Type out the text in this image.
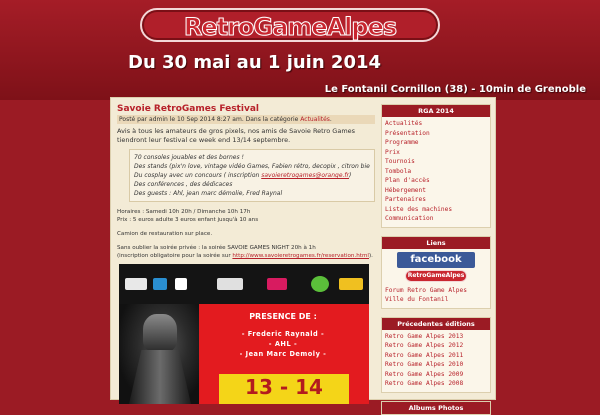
RetroGameAlpes
Du 30 mai au 1 juin 2014
Le Fontanil Cornillon (38) - 10min de Grenoble
Savoie RetroGames Festival
Posté par admin le 10 Sep 2014 8:27 am. Dans la catégorie Actualités.
Avis à tous les amateurs de gros pixels, nos amis de Savoie Retro Games tiendront leur festival ce week end 13/14 septembre.
70 consoles jouables et des bornes !
Des stands (pix'n love, vintage vidéo Games, Fabien rétro, decopix , citron bie
Du cosplay avec un concours ( inscription savoieretrogames@orange.fr)
Des conférences , des dédicaces
Des guests : Ahl, jean marc démolie, Fred Raynal
Horaires : Samedi 10h 20h / Dimanche 10h 17h
Prix : 5 euros adulte 3 euros enfant jusqu'à 10 ans
Camion de restauration sur place.
Sans oublier la soirée privée : la soirée SAVOIE GAMES NIGHT 20h à 1h
(inscription obligatoire pour la soirée sur http://www.savoieretrogames.fr/reservation.html).
PRESENCE DE :
- Frederic Raynald -
- AHL -
- Jean Marc Demoly -
13 - 14
RGA 2014
Actualités
Présentation
Programme
Prix
Tournois
Tombola
Plan d'accès
Hébergement
Partenaires
Liste des machines
Communication
Liens
facebook
RetroGameAlpes
Forum Retro Game Alpes
Ville du Fontanil
Précedentes éditions
Retro Game Alpes 2013
Retro Game Alpes 2012
Retro Game Alpes 2011
Retro Game Alpes 2010
Retro Game Alpes 2009
Retro Game Alpes 2008
Albums Photos
